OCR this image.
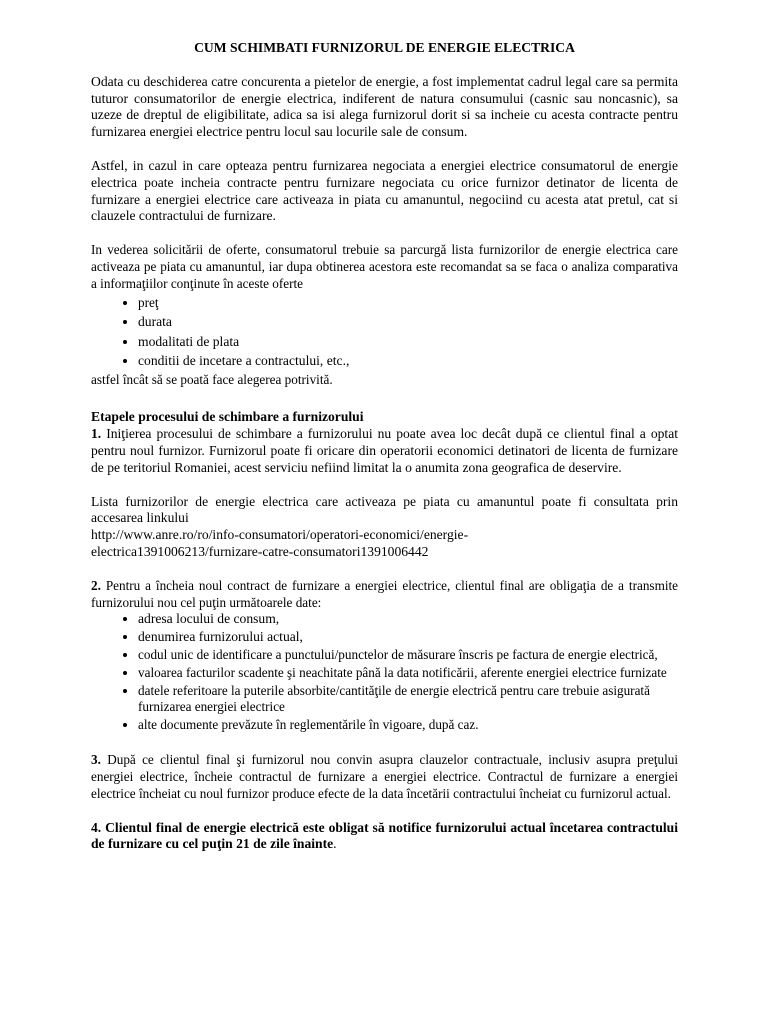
CUM SCHIMBATI FURNIZORUL DE ENERGIE ELECTRICA

Odata cu deschiderea catre concurenta a pietelor de energie, a fost implementat cadrul legal care sa permita tuturor consumatorilor de energie electrica, indiferent de natura consumului (casnic sau noncasnic), sa uzeze de dreptul de eligibilitate, adica sa isi alega furnizorul dorit si sa incheie cu acesta contracte pentru furnizarea energiei electrice pentru locul sau locurile sale de consum.

Astfel, in cazul in care opteaza pentru furnizarea negociata a energiei electrice consumatorul de energie electrica poate incheia contracte pentru furnizare negociata cu orice furnizor detinator de licenta de furnizare a energiei electrice care activeaza in piata cu amanuntul, negociind cu acesta atat pretul, cat si clauzele contractului de furnizare.

In vederea solicitării de oferte, consumatorul trebuie sa parcurgă lista furnizorilor de energie electrica care activeaza pe piata cu amanuntul, iar dupa obtinerea acestora este recomandat sa se faca o analiza comparativa a informaţiilor conţinute în aceste oferte

• preţ
• durata
• modalitati de plata
• conditii de incetare a contractului, etc.,

astfel încât să se poată face alegerea potrivită.

Etapele procesului de schimbare a furnizorului

1. Iniţierea procesului de schimbare a furnizorului nu poate avea loc decât după ce clientul final a optat pentru noul furnizor. Furnizorul poate fi oricare din operatorii economici detinatori de licenta de furnizare de pe teritoriul Romaniei, acest serviciu nefiind limitat la o anumita zona geografica de deservire.

Lista furnizorilor de energie electrica care activeaza pe piata cu amanuntul poate fi consultata prin accesarea linkului

http://www.anre.ro/ro/info-consumatori/operatori-economici/energie-

electrica1391006213/furnizare-catre-consumatori1391006442

2. Pentru a încheia noul contract de furnizare a energiei electrice, clientul final are obligaţia de a transmite furnizorului nou cel puţin următoarele date:

• adresa locului de consum,
• denumirea furnizorului actual,
• codul unic de identificare a punctului/punctelor de măsurare înscris pe factura de energie electrică,
• valoarea facturilor scadente şi neachitate până la data notificării, aferente energiei electrice furnizate
• datele referitoare la puterile absorbite/cantităţile de energie electrică pentru care trebuie asigurată furnizarea energiei electrice
• alte documente prevăzute în reglementările în vigoare, după caz.

3. După ce clientul final şi furnizorul nou convin asupra clauzelor contractuale, inclusiv asupra preţului energiei electrice, încheie contractul de furnizare a energiei electrice. Contractul de furnizare a energiei electrice încheiat cu noul furnizor produce efecte de la data încetării contractului încheiat cu furnizorul actual.

4. Clientul final de energie electrică este obligat să notifice furnizorului actual încetarea contractului de furnizare cu cel puţin 21 de zile înainte.
